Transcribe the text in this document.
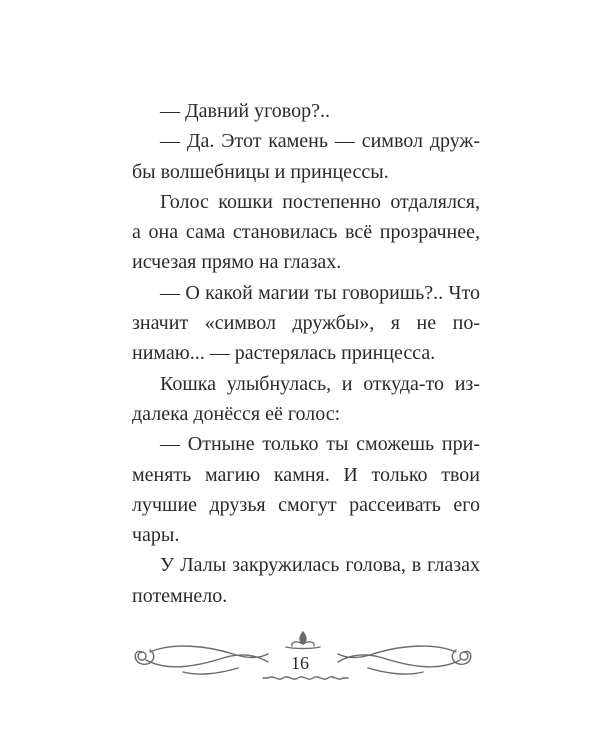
— Давний уговор?..

— Да. Этот камень — символ дружбы волшебницы и принцессы.

Голос кошки постепенно отдалялся, а она сама становилась всё прозрачнее, исчезая прямо на глазах.

— О какой магии ты говоришь?.. Что значит «символ дружбы», я не понимаю... — растерялась принцесса.

Кошка улыбнулась, и откуда-то издалека донёсся её голос:

— Отныне только ты сможешь применять магию камня. И только твои лучшие друзья смогут рассеивать его чары.

У Лалы закружилась голова, в глазах потемнело.

16
